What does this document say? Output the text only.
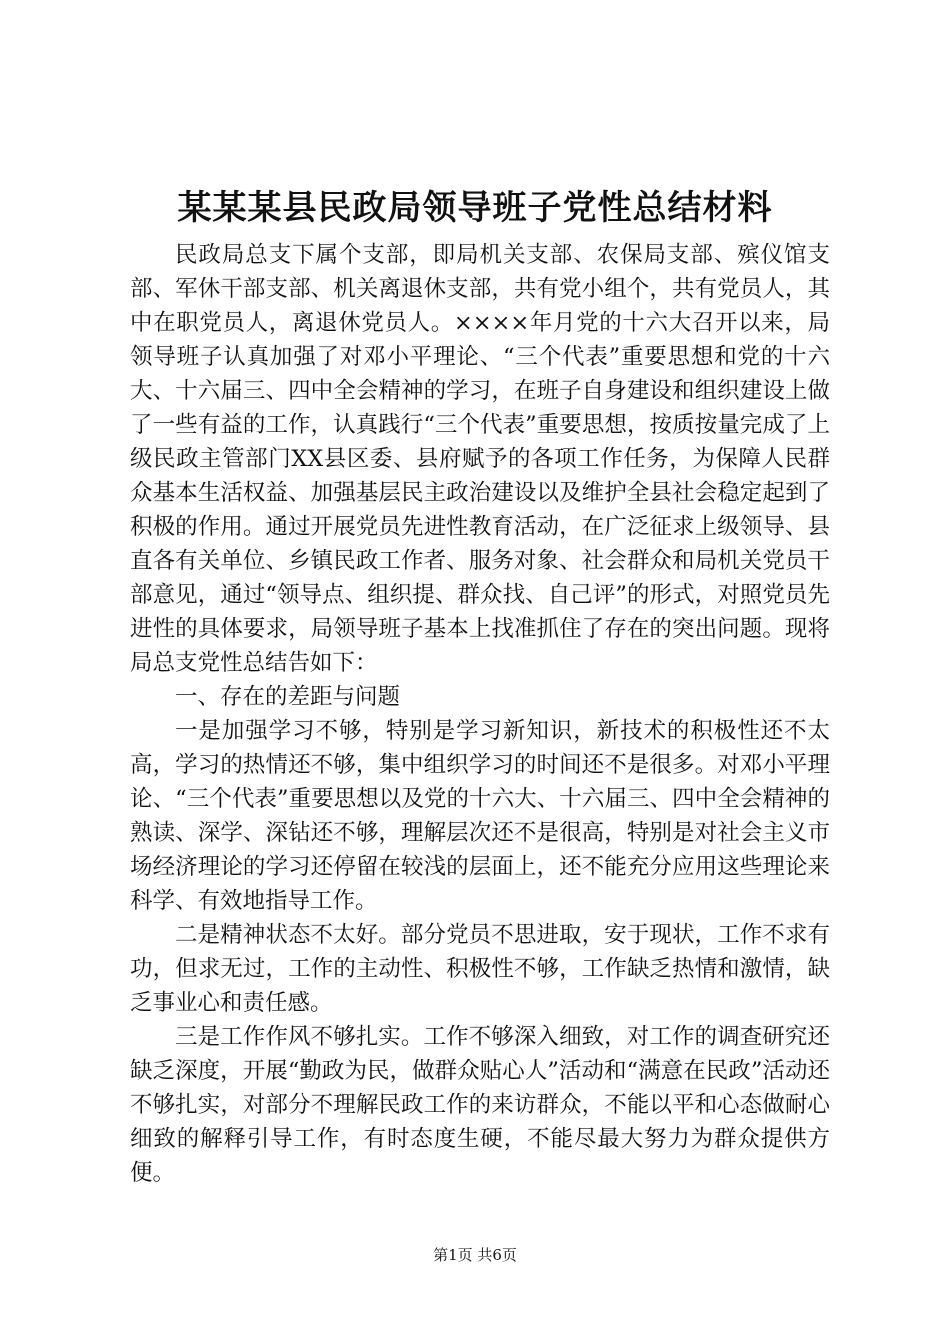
某某某县民政局领导班子党性总结材料

民政局总支下属个支部，即局机关支部、农保局支部、殡仪馆支部、军休干部支部、机关离退休支部，共有党小组个，共有党员人，其中在职党员人，离退休党员人。××××年月党的十六大召开以来，局领导班子认真加强了对邓小平理论、“三个代表”重要思想和党的十六大、十六届三、四中全会精神的学习，在班子自身建设和组织建设上做了一些有益的工作，认真践行“三个代表”重要思想，按质按量完成了上级民政主管部门XX县区委、县府赋予的各项工作任务，为保障人民群众基本生活权益、加强基层民主政治建设以及维护全县社会稳定起到了积极的作用。通过开展党员先进性教育活动，在广泛征求上级领导、县直各有关单位、乡镇民政工作者、服务对象、社会群众和局机关党员干部意见，通过“领导点、组织提、群众找、自己评”的形式，对照党员先进性的具体要求，局领导班子基本上找准抓住了存在的突出问题。现将局总支党性总结告如下：

一、存在的差距与问题

一是加强学习不够，特别是学习新知识，新技术的积极性还不太高，学习的热情还不够，集中组织学习的时间还不是很多。对邓小平理论、“三个代表”重要思想以及党的十六大、十六届三、四中全会精神的熟读、深学、深钻还不够，理解层次还不是很高，特别是对社会主义市场经济理论的学习还停留在较浅的层面上，还不能充分应用这些理论来科学、有效地指导工作。

二是精神状态不太好。部分党员不思进取，安于现状，工作不求有功，但求无过，工作的主动性、积极性不够，工作缺乏热情和激情，缺乏事业心和责任感。

三是工作作风不够扎实。工作不够深入细致，对工作的调查研究还缺乏深度，开展“勤政为民，做群众贴心人”活动和“满意在民政”活动还不够扎实，对部分不理解民政工作的来访群众，不能以平和心态做耐心细致的解释引导工作，有时态度生硬，不能尽最大努力为群众提供方便。

第1页 共6页
